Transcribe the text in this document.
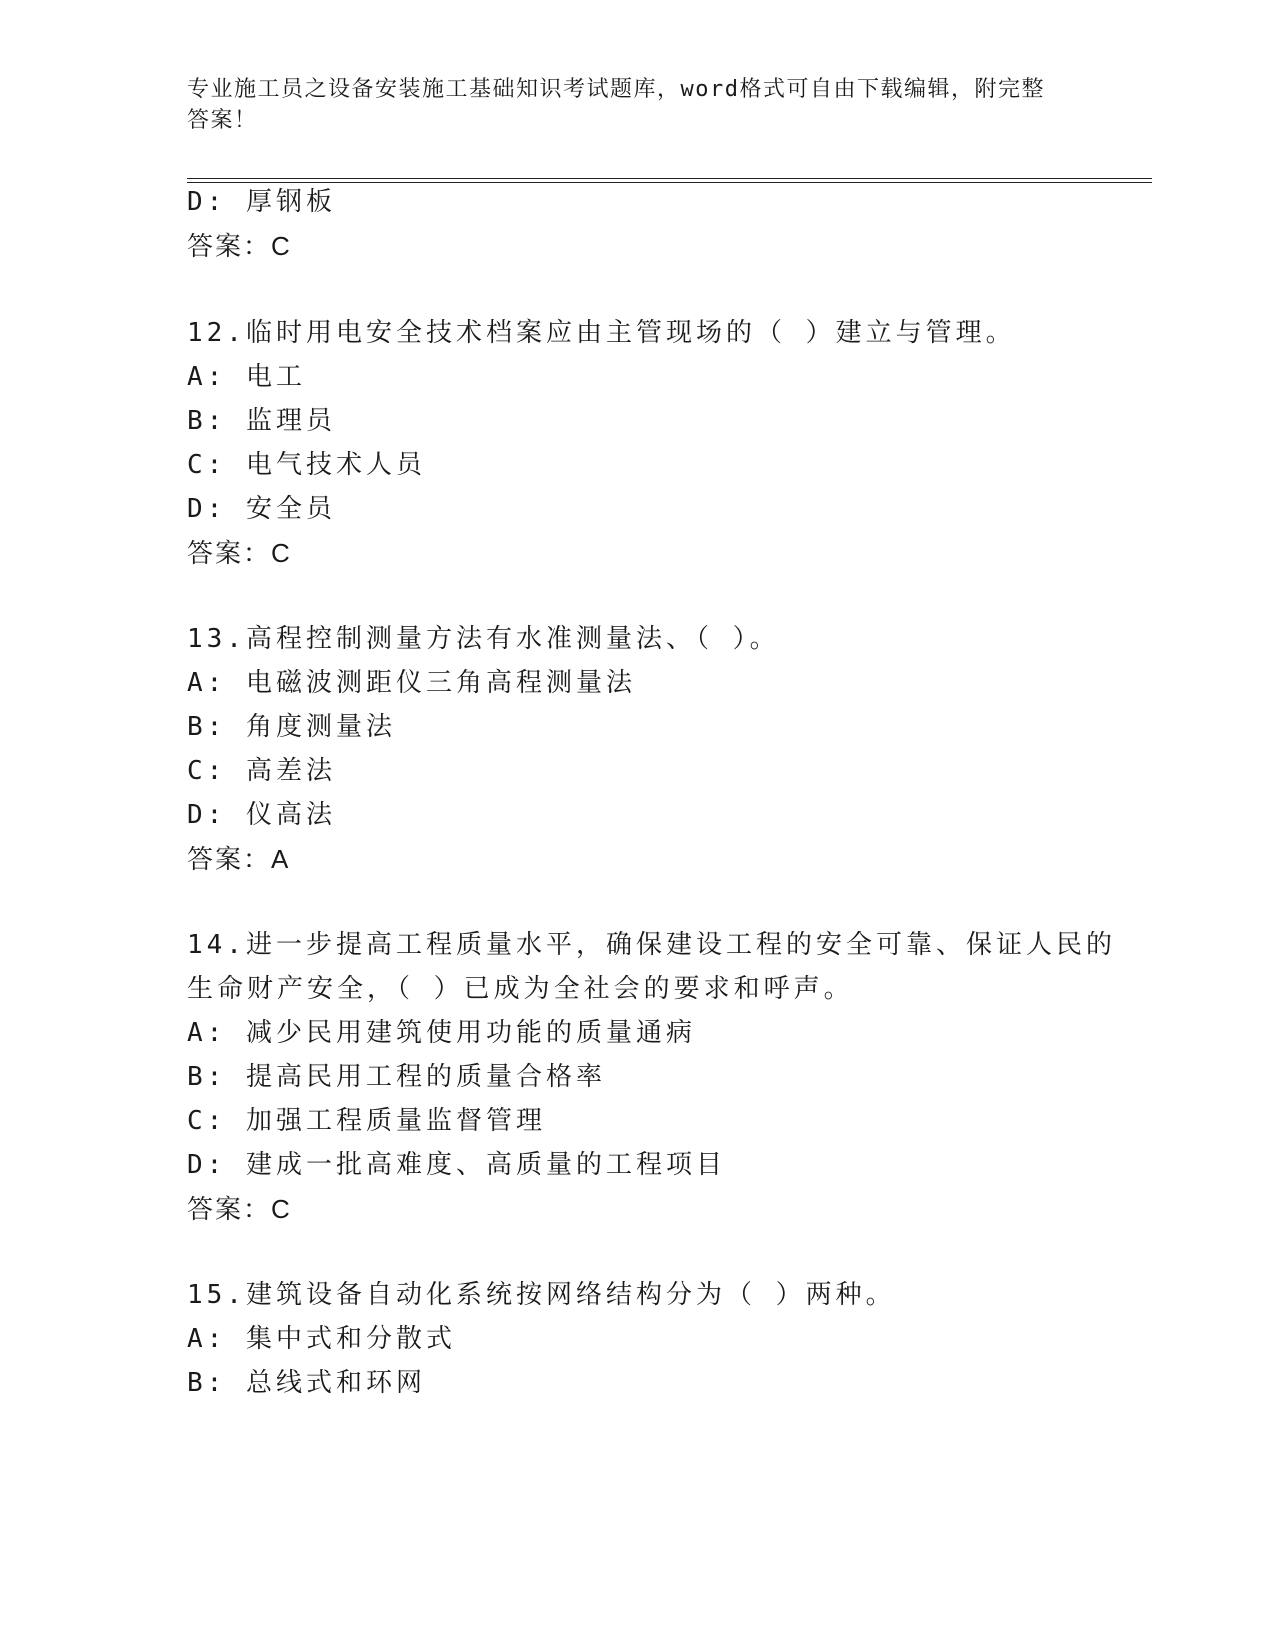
专业施工员之设备安装施工基础知识考试题库，word格式可自由下载编辑，附完整答案！
D: 厚钢板
答案：C
12.临时用电安全技术档案应由主管现场的（ ）建立与管理。
A: 电工
B: 监理员
C: 电气技术人员
D: 安全员
答案：C
13.高程控制测量方法有水准测量法、（ ）。
A: 电磁波测距仪三角高程测量法
B: 角度测量法
C: 高差法
D: 仪高法
答案：A
14.进一步提高工程质量水平，确保建设工程的安全可靠、保证人民的
生命财产安全，（ ）已成为全社会的要求和呼声。
A: 减少民用建筑使用功能的质量通病
B: 提高民用工程的质量合格率
C: 加强工程质量监督管理
D: 建成一批高难度、高质量的工程项目
答案：C
15.建筑设备自动化系统按网络结构分为（ ）两种。
A: 集中式和分散式
B: 总线式和环网
